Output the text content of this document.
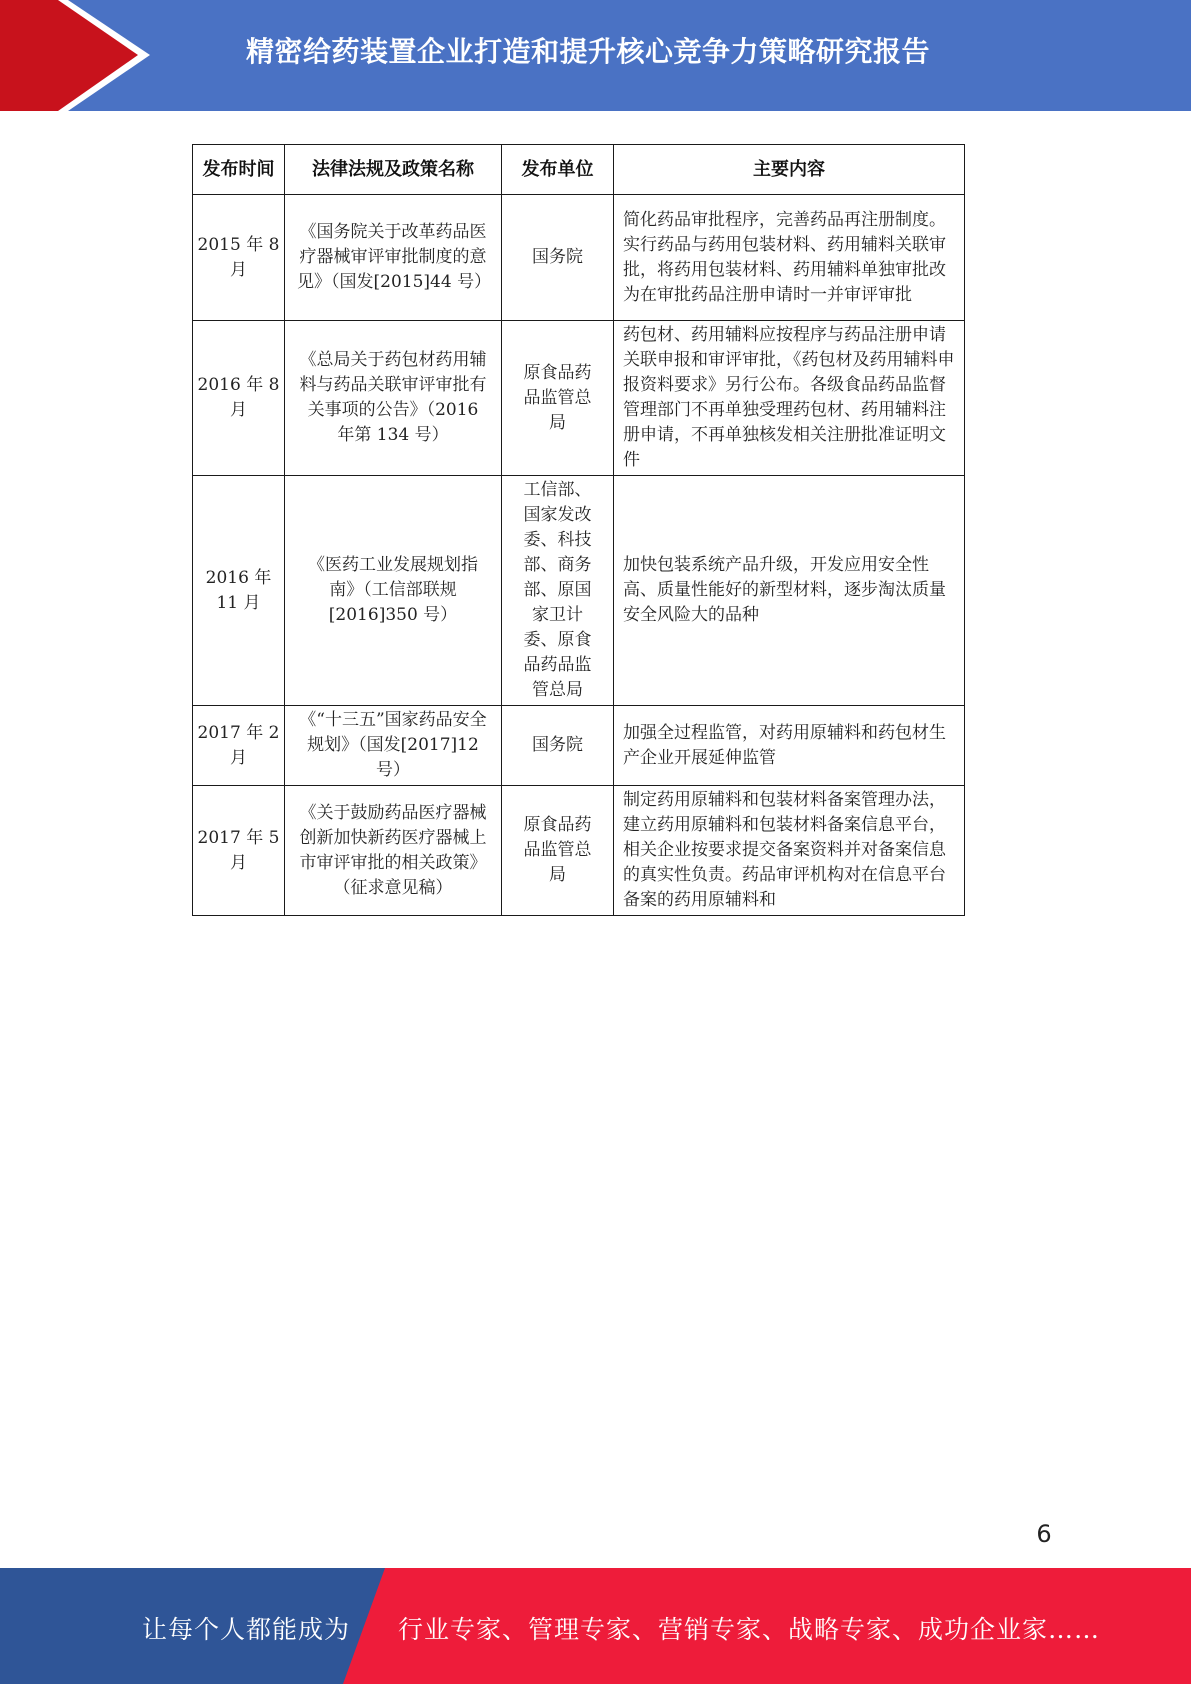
精密给药装置企业打造和提升核心竞争力策略研究报告
发布时间	法律法规及政策名称	发布单位	主要内容
2015 年 8 月	《国务院关于改革药品医疗器械审评审批制度的意见》（国发[2015]44 号）	国务院	简化药品审批程序，完善药品再注册制度。实行药品与药用包装材料、药用辅料关联审批，将药用包装材料、药用辅料单独审批改为在审批药品注册申请时一并审评审批
2016 年 8 月	《总局关于药包材药用辅料与药品关联审评审批有关事项的公告》（2016 年第 134 号）	原食品药品监管总局	药包材、药用辅料应按程序与药品注册申请关联申报和审评审批，《药包材及药用辅料申报资料要求》另行公布。各级食品药品监督管理部门不再单独受理药包材、药用辅料注册申请，不再单独核发相关注册批准证明文件
2016 年 11 月	《医药工业发展规划指南》（工信部联规[2016]350 号）	工信部、国家发改委、科技部、商务部、原国家卫计委、原食品药品监管总局	加快包装系统产品升级，开发应用安全性高、质量性能好的新型材料，逐步淘汰质量安全风险大的品种
2017 年 2 月	《“十三五”国家药品安全规划》（国发[2017]12 号）	国务院	加强全过程监管，对药用原辅料和药包材生产企业开展延伸监管
2017 年 5 月	《关于鼓励药品医疗器械创新加快新药医疗器械上市审评审批的相关政策》（征求意见稿）	原食品药品监管总局	制定药用原辅料和包装材料备案管理办法，建立药用原辅料和包装材料备案信息平台，相关企业按要求提交备案资料并对备案信息的真实性负责。药品审评机构对在信息平台备案的药用原辅料和
6
让每个人都能成为 行业专家、管理专家、营销专家、战略专家、成功企业家……
